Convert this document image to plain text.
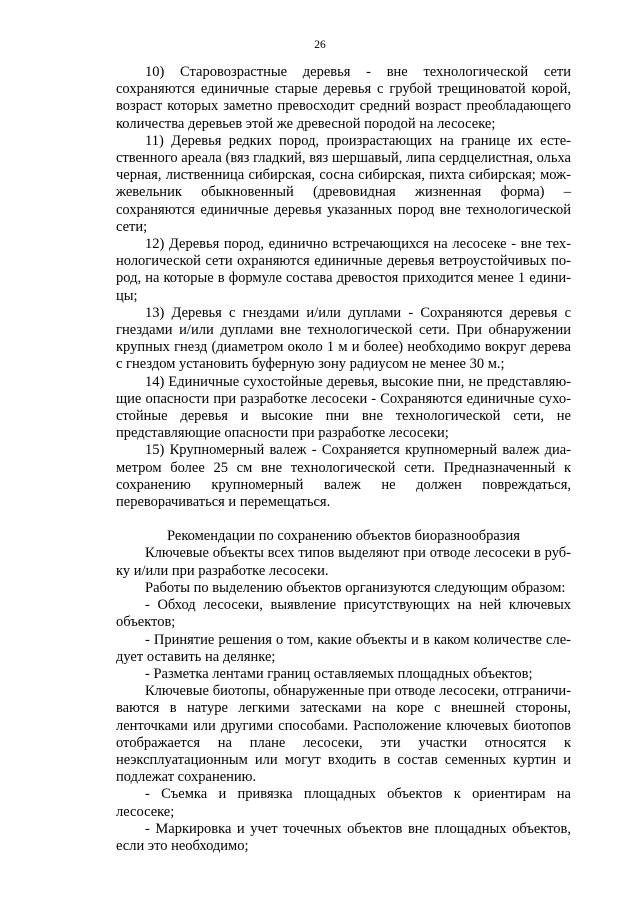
26

10) Старовозрастные деревья - вне технологической сети сохраняются единичные старые деревья с грубой трещиноватой корой, возраст которых заметно превосходит средний возраст преобладающего количества деревьев этой же древесной породой на лесосеке;

11) Деревья редких пород, произрастающих на границе их естественного ареала (вяз гладкий, вяз шершавый, липа сердцелистная, ольха черная, лиственница сибирская, сосна сибирская, пихта сибирская; можжевельник обыкновенный (древовидная жизненная форма) – сохраняются единичные деревья указанных пород вне технологической сети;

12) Деревья пород, единично встречающихся на лесосеке - вне технологической сети охраняются единичные деревья ветроустойчивых пород, на которые в формуле состава древостоя приходится менее 1 единицы;

13) Деревья с гнездами и/или дуплами - Сохраняются деревья с гнездами и/или дуплами вне технологической сети. При обнаружении крупных гнезд (диаметром около 1 м и более) необходимо вокруг дерева с гнездом установить буферную зону радиусом не менее 30 м.;

14) Единичные сухостойные деревья, высокие пни, не представляющие опасности при разработке лесосеки - Сохраняются единичные сухостойные деревья и высокие пни вне технологической сети, не представляющие опасности при разработке лесосеки;

15) Крупномерный валеж - Сохраняется крупномерный валеж диаметром более 25 см вне технологической сети. Предназначенный к сохранению крупномерный валеж не должен повреждаться, переворачиваться и перемещаться.

Рекомендации по сохранению объектов биоразнообразия

Ключевые объекты всех типов выделяют при отводе лесосеки в рубку и/или при разработке лесосеки.

Работы по выделению объектов организуются следующим образом:

- Обход лесосеки, выявление присутствующих на ней ключевых объектов;

- Принятие решения о том, какие объекты и в каком количестве следует оставить на делянке;

- Разметка лентами границ оставляемых площадных объектов;

Ключевые биотопы, обнаруженные при отводе лесосеки, отграничиваются в натуре легкими затесками на коре с внешней стороны, ленточками или другими способами. Расположение ключевых биотопов отображается на плане лесосеки, эти участки относятся к неэксплуатационным или могут входить в состав семенных куртин и подлежат сохранению.

- Съемка и привязка площадных объектов к ориентирам на лесосеке;

- Маркировка и учет точечных объектов вне площадных объектов, если это необходимо;
